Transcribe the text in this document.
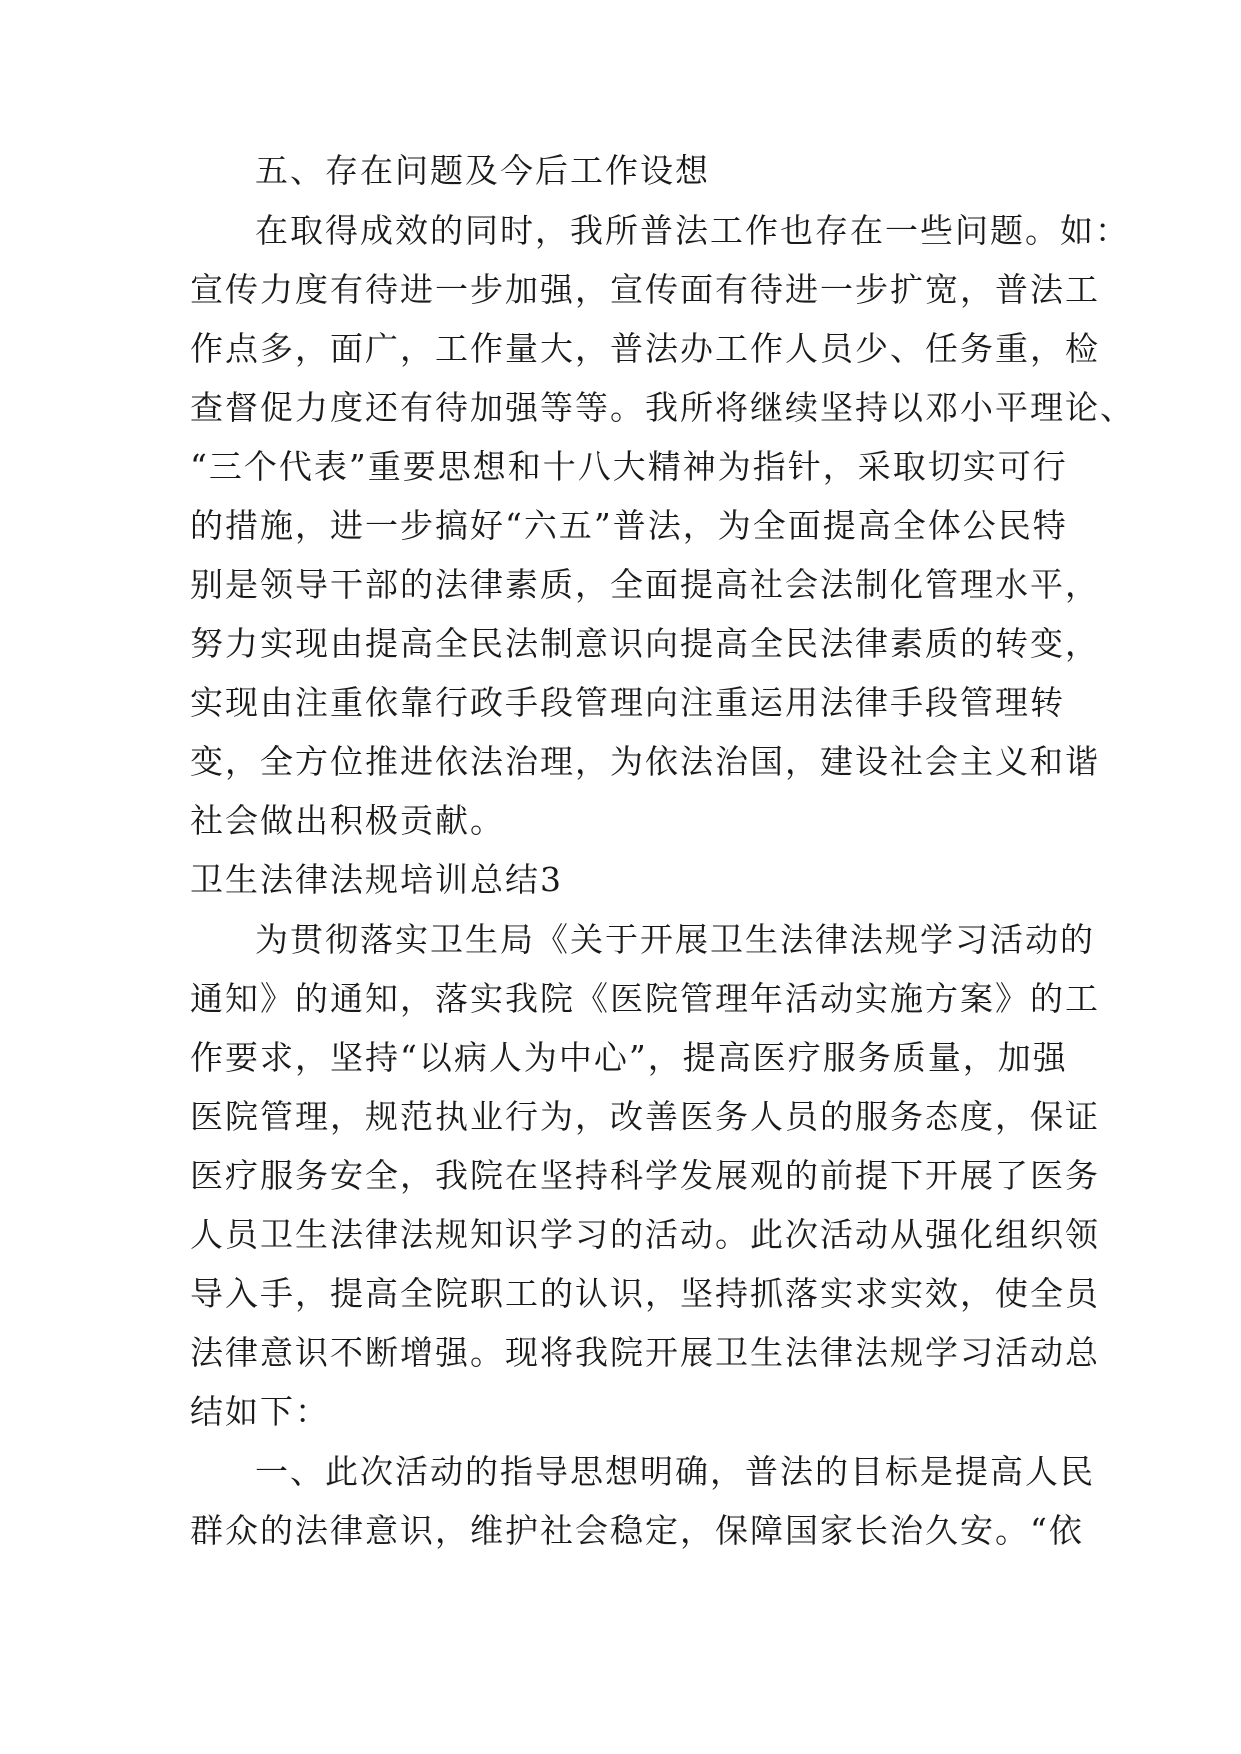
五、存在问题及今后工作设想
在取得成效的同时，我所普法工作也存在一些问题。如：
宣传力度有待进一步加强，宣传面有待进一步扩宽，普法工
作点多，面广，工作量大，普法办工作人员少、任务重，检
查督促力度还有待加强等等。我所将继续坚持以邓小平理论、
“三个代表”重要思想和十八大精神为指针，采取切实可行
的措施，进一步搞好“六五”普法，为全面提高全体公民特
别是领导干部的法律素质，全面提高社会法制化管理水平，
努力实现由提高全民法制意识向提高全民法律素质的转变，
实现由注重依靠行政手段管理向注重运用法律手段管理转
变，全方位推进依法治理，为依法治国，建设社会主义和谐
社会做出积极贡献。
卫生法律法规培训总结3
为贯彻落实卫生局《关于开展卫生法律法规学习活动的
通知》的通知，落实我院《医院管理年活动实施方案》的工
作要求，坚持“以病人为中心”，提高医疗服务质量，加强
医院管理，规范执业行为，改善医务人员的服务态度，保证
医疗服务安全，我院在坚持科学发展观的前提下开展了医务
人员卫生法律法规知识学习的活动。此次活动从强化组织领
导入手，提高全院职工的认识，坚持抓落实求实效，使全员
法律意识不断增强。现将我院开展卫生法律法规学习活动总
结如下：
一、此次活动的指导思想明确，普法的目标是提高人民
群众的法律意识，维护社会稳定，保障国家长治久安。“依
